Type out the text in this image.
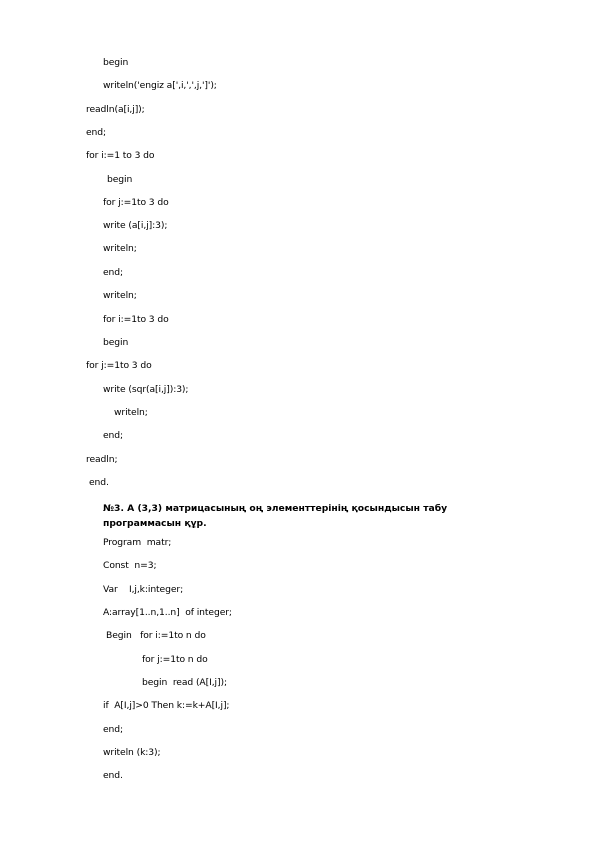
begin
writeln('engiz a[',i,',',j,']');
readln(a[i,j]);
end;
for i:=1 to 3 do
begin
for j:=1to 3 do
write (a[i,j]:3);
writeln;
end;
writeln;
for i:=1to 3 do
begin
for j:=1to 3 do
write (sqr(a[i,j]):3);
writeln;
end;
readln;
end.
№3. A (3,3) матрицасының оң элементтерінің қосындысын табу программасын құр.
Program  matr;
Const  n=3;
Var    I,j,k:integer;
A:array[1..n,1..n]  of integer;
Begin   for i:=1to n do
for j:=1to n do
begin  read (A[I,j]);
if  A[I,j]>0 Then k:=k+A[I,j];
end;
writeln (k:3);
end.
